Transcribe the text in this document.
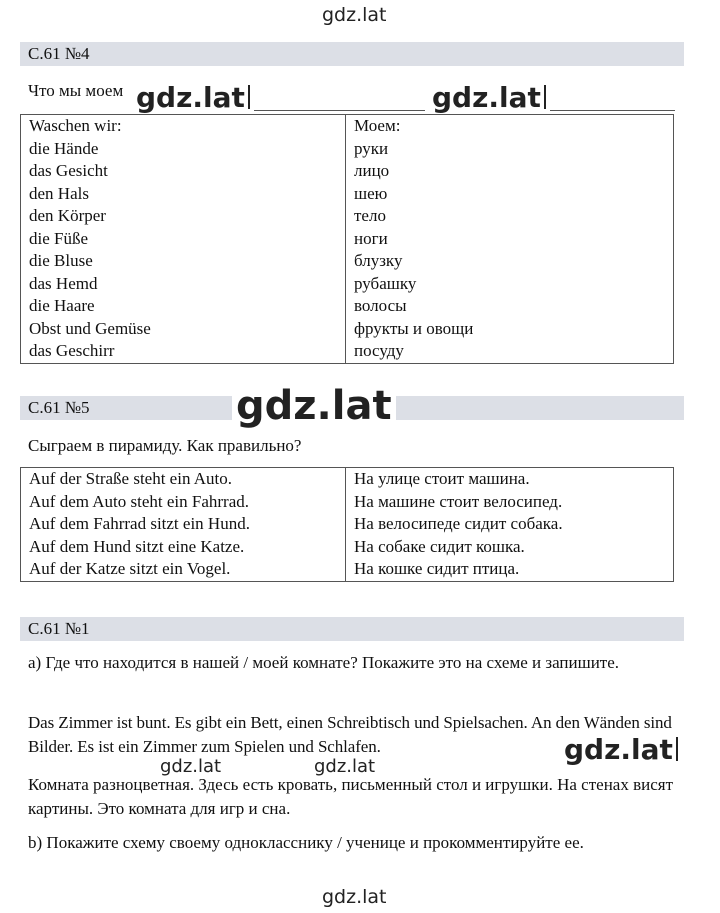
gdz.lat
С.61 №4
Что мы моем
Waschen wir:	Моем:
die Hände	руки
das Gesicht	лицо
den Hals	шею
den Körper	тело
die Füße	ноги
die Bluse	блузку
das Hemd	рубашку
die Haare	волосы
Obst und Gemüse	фрукты и овощи
das Geschirr	посуду
gdz.lat	gdz.lat
С.61 №5	gdz.lat
Сыграем в пирамиду. Как правильно?
Auf der Straße steht ein Auto.	На улице стоит машина.
Auf dem Auto steht ein Fahrrad.	На машине стоит велосипед.
Auf dem Fahrrad sitzt ein Hund.	На велосипеде сидит собака.
Auf dem Hund sitzt eine Katze.	На собаке сидит кошка.
Auf der Katze sitzt ein Vogel.	На кошке сидит птица.
С.61 №1
а) Где что находится в нашей / моей комнате? Покажите это на схеме и запишите.
Das Zimmer ist bunt. Es gibt ein Bett, einen Schreibtisch und Spielsachen. An den Wänden sind Bilder. Es ist ein Zimmer zum Spielen und Schlafen.
Комната разноцветная. Здесь есть кровать, письменный стол и игрушки. На стенах висят картины. Это комната для игр и сна.
b) Покажите схему своему однокласснику / ученице и прокомментируйте ее.
gdz.lat
gdz.lat	gdz.lat
gdz.lat
